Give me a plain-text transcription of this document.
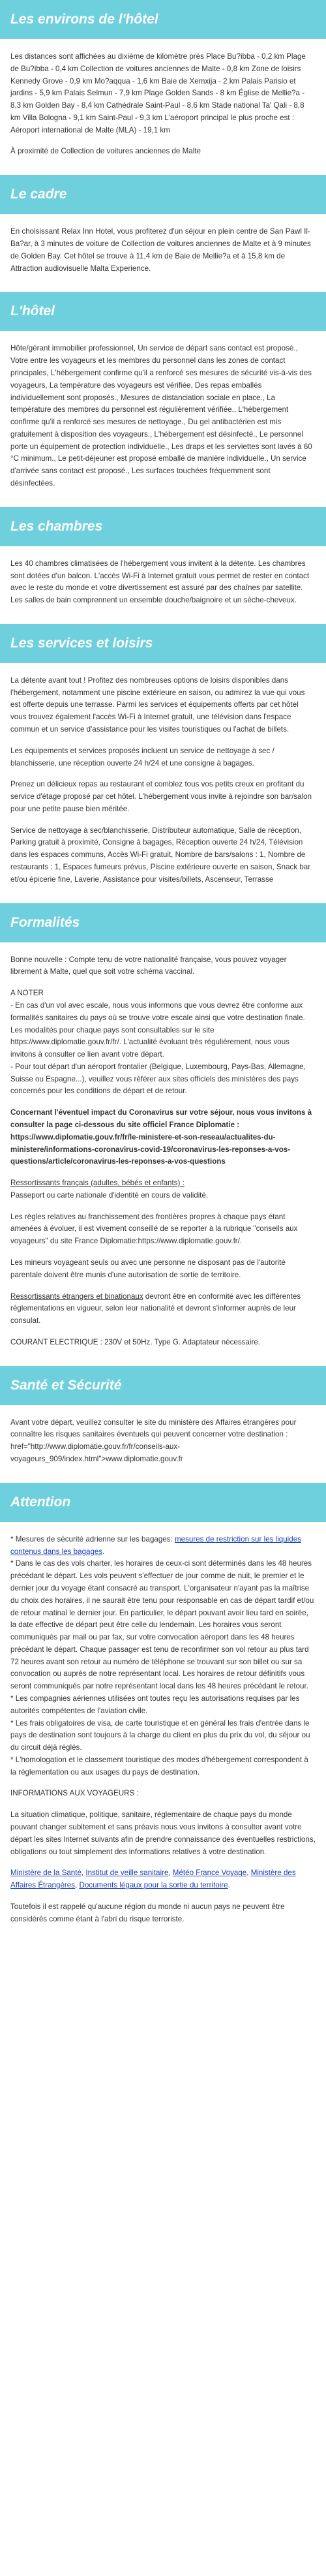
Les environs de l'hôtel

Les distances sont affichées au dixième de kilomètre près Place Bu?ibba - 0,2 km Plage de Bu?ibba - 0,4 km Collection de voitures anciennes de Malte - 0,8 km Zone de loisirs Kennedy Grove - 0,9 km Mo?aqqua - 1,6 km Baie de Xemxija - 2 km Palais Parisio et jardins - 5,9 km Palais Selmun - 7,9 km Plage Golden Sands - 8 km Église de Mellie?a - 8,3 km Golden Bay - 8,4 km Cathédrale Saint-Paul - 8,6 km Stade national Ta' Qali - 8,8 km Villa Bologna - 9,1 km Saint-Paul - 9,3 km L'aéroport principal le plus proche est : Aéroport international de Malte (MLA) - 19,1 km

À proximité de Collection de voitures anciennes de Malte

Le cadre

En choisissant Relax Inn Hotel, vous profiterez d'un séjour en plein centre de San Pawl Il-Ba?ar, à 3 minutes de voiture de Collection de voitures anciennes de Malte et à 9 minutes de Golden Bay. Cet hôtel se trouve à 11,4 km de Baie de Mellie?a et à 15,8 km de Attraction audiovisuelle Malta Experience.

L'hôtel

Hôte/gérant immobilier professionnel, Un service de départ sans contact est proposé., Votre entre les voyageurs et les membres du personnel dans les zones de contact principales, L'hébergement confirme qu'il a renforcé ses mesures de sécurité vis-à-vis des voyageurs, La température des voyageurs est vérifiée, Des repas emballés individuellement sont proposés., Mesures de distanciation sociale en place., La température des membres du personnel est régulièrement vérifiée., L'hébergement confirme qu'il a renforcé ses mesures de nettoyage., Du gel antibactérien est mis gratuitement à disposition des voyageurs., L'hébergement est désinfecté., Le personnel porte un équipement de protection individuelle., Les draps et les serviettes sont lavés à 60 °C minimum., Le petit-déjeuner est proposé emballé de manière individuelle., Un service d'arrivée sans contact est proposé., Les surfaces touchées fréquemment sont désinfectées.

Les chambres

Les 40 chambres climatisées de l'hébergement vous invitent à la détente. Les chambres sont dotées d'un balcon. L'accès Wi-Fi à Internet gratuit vous permet de rester en contact avec le reste du monde et votre divertissement est assuré par des chaînes par satellite. Les salles de bain comprennent un ensemble douche/baignoire et un sèche-cheveux.

Les services et loisirs

La détente avant tout ! Profitez des nombreuses options de loisirs disponibles dans l'hébergement, notamment une piscine extérieure en saison, ou admirez la vue qui vous est offerte depuis une terrasse. Parmi les services et équipements offerts par cet hôtel vous trouvez également l'accès Wi-Fi à Internet gratuit, une télévision dans l'espace commun et un service d'assistance pour les visites touristiques ou l'achat de billets.

Les équipements et services proposés incluent un service de nettoyage à sec / blanchisserie, une réception ouverte 24 h/24 et une consigne à bagages.

Prenez un délicieux repas au restaurant et comblez tous vos petits creux en profitant du service d'étage proposé par cet hôtel. L'hébergement vous invite à rejoindre son bar/salon pour une petite pause bien méritée.

Service de nettoyage à sec/blanchisserie, Distributeur automatique, Salle de réception, Parking gratuit à proximité, Consigne à bagages, Réception ouverte 24 h/24, Télévision dans les espaces communs, Accès Wi-Fi gratuit, Nombre de bars/salons : 1, Nombre de restaurants : 1, Espaces fumeurs prévus, Piscine extérieure ouverte en saison, Snack bar et/ou épicerie fine, Laverie, Assistance pour visites/billets, Ascenseur, Terrasse

Formalités

Bonne nouvelle : Compte tenu de votre nationalité française, vous pouvez voyager librement à Malte, quel que soit votre schéma vaccinal.

A NOTER

- En cas d'un vol avec escale, nous vous informons que vous devrez être conforme aux formalités sanitaires du pays où se trouve votre escale ainsi que votre destination finale.

Les modalités pour chaque pays sont consultables sur le site https://www.diplomatie.gouv.fr/fr/. L'actualité évoluant très régulièrement, nous vous invitons à consulter ce lien avant votre départ.

- Pour tout départ d'un aéroport frontalier (Belgique, Luxembourg, Pays-Bas, Allemagne, Suisse ou Espagne...), veuillez vous référer aux sites officiels des ministères des pays concernés pour les conditions de départ et de retour.

Concernant l'éventuel impact du Coronavirus sur votre séjour, nous vous invitons à consulter la page ci-dessous du site officiel France Diplomatie : https://www.diplomatie.gouv.fr/fr/le-ministere-et-son-reseau/actualites-du-ministere/informations-coronavirus-covid-19/coronavirus-les-reponses-a-vos-questions/article/coronavirus-les-reponses-a-vos-questions

Ressortissants français (adultes, bébés et enfants) :

Passeport ou carte nationale d'identité en cours de validité.

Les règles relatives au franchissement des frontières propres à chaque pays étant amenées à évoluer, il est vivement conseillé de se reporter à la rubrique "conseils aux voyageurs" du site France Diplomatie:https://www.diplomatie.gouv.fr/.

Les mineurs voyageant seuls ou avec une personne ne disposant pas de l'autorité parentale doivent être munis d'une autorisation de sortie de territoire.

Ressortissants étrangers et binationaux devront être en conformité avec les différentes réglementations en vigueur, selon leur nationalité et devront s'informer auprès de leur consulat.

COURANT ELECTRIQUE : 230V et 50Hz. Type G. Adaptateur nécessaire.

Santé et Sécurité

Avant votre départ, veuillez consulter le site du ministère des Affaires étrangères pour connaître les risques sanitaires éventuels qui peuvent concerner votre destination : href="http://www.diplomatie.gouv.fr/fr/conseils-aux-voyageurs_909/index.html">www.diplomatie.gouv.fr

Attention

* Mesures de sécurité adrienne sur les bagages: mesures de restriction sur les liquides contenus dans les bagages.

* Dans le cas des vols charter, les horaires de ceux-ci sont déterminés dans les 48 heures précédant le départ. Les vols peuvent s'effectuer de jour comme de nuit, le premier et le dernier jour du voyage étant consacré au transport. L'organisateur n'ayant pas la maîtrise du choix des horaires, il ne saurait être tenu pour responsable en cas de départ tardif et/ou de retour matinal le dernier jour. En particulier, le départ pouvant avoir lieu tard en soirée, la date effective de départ peut être celle du lendemain. Les horaires vous seront communiqués par mail ou par fax, sur votre convocation aéroport dans les 48 heures précédant le départ. Chaque passager est tenu de reconfirmer son vol retour au plus tard 72 heures avant son retour au numéro de téléphone se trouvant sur son billet ou sur sa convocation ou auprès de notre représentant local. Les horaires de retour définitifs vous seront communiqués par notre représentant local dans les 48 heures précédant le retour.

* Les compagnies aériennes utilisées ont toutes reçu les autorisations requises par les autorités compétentes de l'aviation civile.

* Les frais obligatoires de visa, de carte touristique et en général les frais d'entrée dans le pays de destination sont toujours à la charge du client en plus du prix du vol, du séjour ou du circuit déjà réglés.

* L'homologation et le classement touristique des modes d'hébergement correspondent à la réglementation ou aux usages du pays de destination.

INFORMATIONS AUX VOYAGEURS :

La situation climatique, politique, sanitaire, réglementaire de chaque pays du monde pouvant changer subitement et sans préavis nous vous invitons à consulter avant votre départ les sites Internet suivants afin de prendre connaissance des éventuelles restrictions, obligations ou tout simplement des informations relatives à votre destination.

Ministère de la Santé, Institut de veille sanitaire, Météo France Voyage, Ministère des Affaires Étrangères, Documents légaux pour la sortie du territoire.

Toutefois il est rappelé qu'aucune région du monde ni aucun pays ne peuvent être considérés comme étant à l'abri du risque terroriste.
